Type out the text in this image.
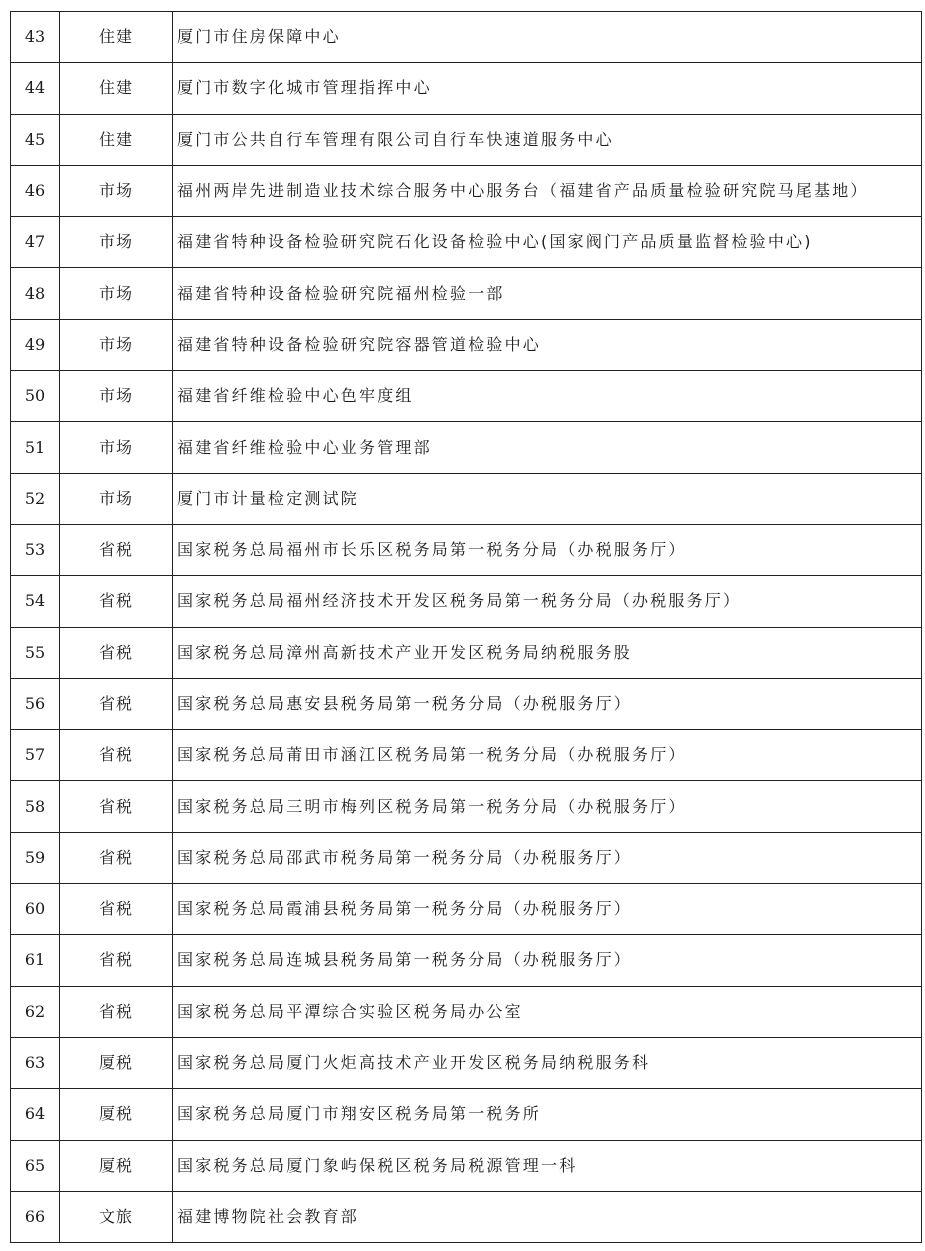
43	住建	厦门市住房保障中心
44	住建	厦门市数字化城市管理指挥中心
45	住建	厦门市公共自行车管理有限公司自行车快速道服务中心
46	市场	福州两岸先进制造业技术综合服务中心服务台（福建省产品质量检验研究院马尾基地）
47	市场	福建省特种设备检验研究院石化设备检验中心(国家阀门产品质量监督检验中心)
48	市场	福建省特种设备检验研究院福州检验一部
49	市场	福建省特种设备检验研究院容器管道检验中心
50	市场	福建省纤维检验中心色牢度组
51	市场	福建省纤维检验中心业务管理部
52	市场	厦门市计量检定测试院
53	省税	国家税务总局福州市长乐区税务局第一税务分局（办税服务厅）
54	省税	国家税务总局福州经济技术开发区税务局第一税务分局（办税服务厅）
55	省税	国家税务总局漳州高新技术产业开发区税务局纳税服务股
56	省税	国家税务总局惠安县税务局第一税务分局（办税服务厅）
57	省税	国家税务总局莆田市涵江区税务局第一税务分局（办税服务厅）
58	省税	国家税务总局三明市梅列区税务局第一税务分局（办税服务厅）
59	省税	国家税务总局邵武市税务局第一税务分局（办税服务厅）
60	省税	国家税务总局霞浦县税务局第一税务分局（办税服务厅）
61	省税	国家税务总局连城县税务局第一税务分局（办税服务厅）
62	省税	国家税务总局平潭综合实验区税务局办公室
63	厦税	国家税务总局厦门火炬高技术产业开发区税务局纳税服务科
64	厦税	国家税务总局厦门市翔安区税务局第一税务所
65	厦税	国家税务总局厦门象屿保税区税务局税源管理一科
66	文旅	福建博物院社会教育部
